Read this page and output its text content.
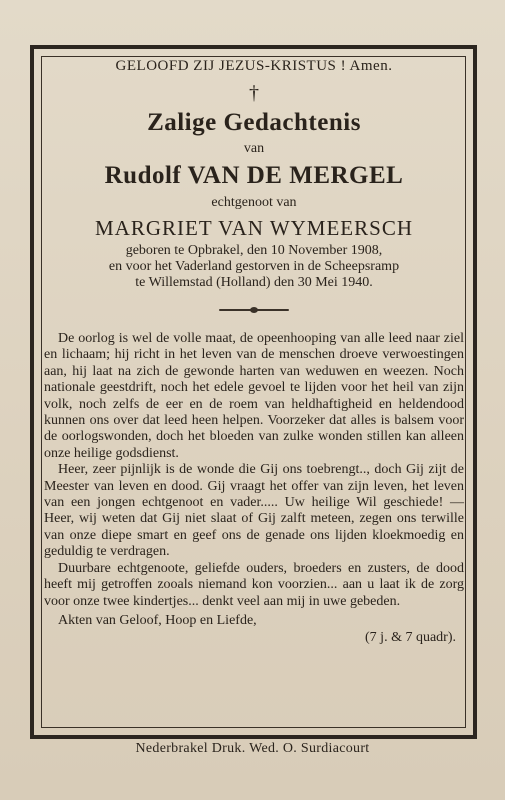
GELOOFD ZIJ JEZUS-KRISTUS ! Amen.

†

Zalige Gedachtenis

van

Rudolf VAN DE MERGEL

echtgenoot van

MARGRIET VAN WYMEERSCH

geboren te Opbrakel, den 10 November 1908,

en voor het Vaderland gestorven in de Scheepsramp

te Willemstad (Holland) den 30 Mei 1940.

De oorlog is wel de volle maat, de opeenhooping van alle leed naar ziel en lichaam; hij richt in het leven van de menschen droeve verwoestingen aan, hij laat na zich de gewonde harten van weduwen en weezen. Noch nationale geestdrift, noch het edele gevoel te lijden voor het heil van zijn volk, noch zelfs de eer en de roem van heldhaftigheid en heldendood kunnen ons over dat leed heen helpen. Voorzeker dat alles is balsem voor de oorlogswonden, doch het bloeden van zulke wonden stillen kan alleen onze heilige godsdienst.

Heer, zeer pijnlijk is de wonde die Gij ons toebrengt.., doch Gij zijt de Meester van leven en dood. Gij vraagt het offer van zijn leven, het leven van een jongen echtgenoot en vader..... Uw heilige Wil geschiede! — Heer, wij weten dat Gij niet slaat of Gij zalft meteen, zegen ons terwille van onze diepe smart en geef ons de genade ons lijden kloekmoedig en geduldig te verdragen.

Duurbare echtgenoote, geliefde ouders, broeders en zusters, de dood heeft mij getroffen zooals niemand kon voorzien... aan u laat ik de zorg voor onze twee kindertjes... denkt veel aan mij in uwe gebeden.

Akten van Geloof, Hoop en Liefde,

(7 j. & 7 quadr).

Nederbrakel Druk. Wed. O. Surdiacourt
